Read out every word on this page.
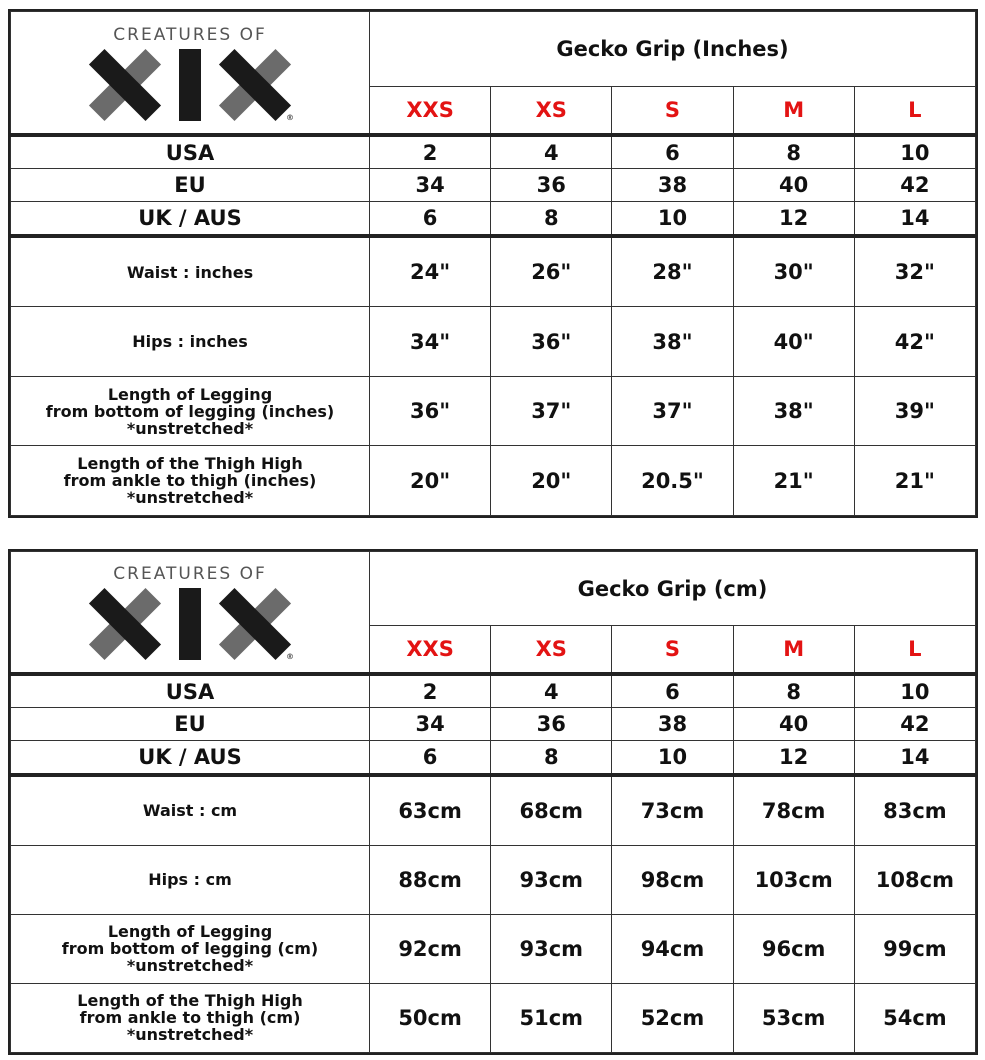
CREATURES OF
®	Gecko Grip (Inches)				
	XXS	XS	S	M	L
USA	2	4	6	8	10
EU	34	36	38	40	42
UK / AUS	6	8	10	12	14

Waist : inches	24"	26"	28"	30"	32"

Hips : inches	34"	36"	38"	40"	42"

Length of Legging
from bottom of legging (inches)
*unstretched*	36"	37"	37"	38"	39"

Length of the Thigh High
from ankle to thigh (inches)
*unstretched*	20"	20"	20.5"	21"	21"
CREATURES OF
®	Gecko Grip (cm)				
	XXS	XS	S	M	L
USA	2	4	6	8	10
EU	34	36	38	40	42
UK / AUS	6	8	10	12	14

Waist : cm	63cm	68cm	73cm	78cm	83cm

Hips : cm	88cm	93cm	98cm	103cm	108cm

Length of Legging
from bottom of legging (cm)
*unstretched*	92cm	93cm	94cm	96cm	99cm

Length of the Thigh High
from ankle to thigh (cm)
*unstretched*	50cm	51cm	52cm	53cm	54cm
